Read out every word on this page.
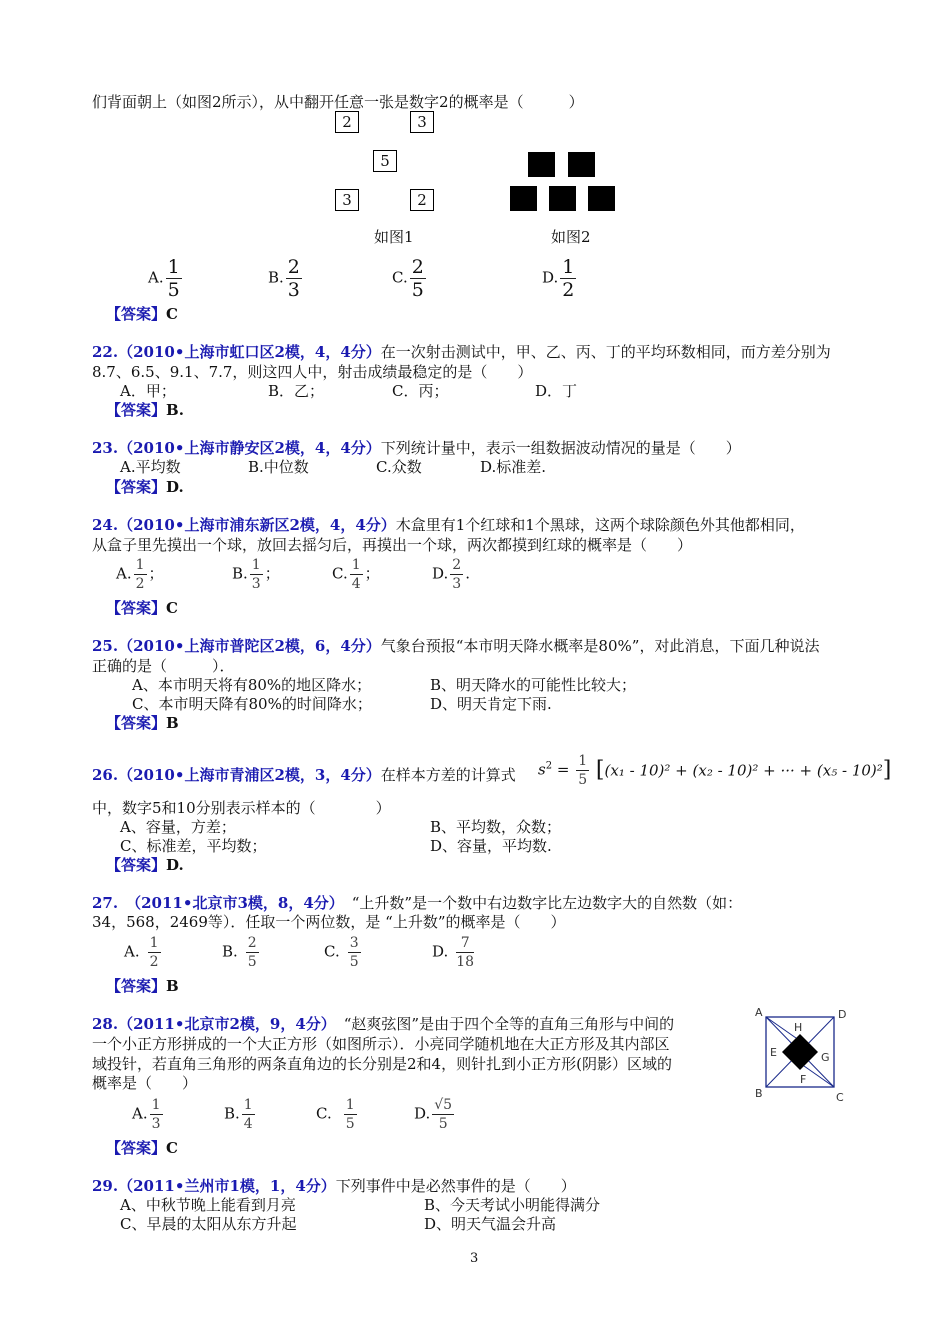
们背面朝上（如图2所示），从中翻开任意一张是数字2的概率是（　　　）
2	3
5
3	2
如图1	如图2
A. $\frac{1}{5}$	B. $\frac{2}{3}$	C. $\frac{2}{5}$	D. $\frac{1}{2}$
【答案】C
22.（2010•上海市虹口区2模，4，4分）在一次射击测试中，甲、乙、丙、丁的平均环数相同，而方差分别为
8.7、6.5、9.1、7.7，则这四人中，射击成绩最稳定的是（　　）
A．甲；	B．乙；	C．丙；	D．丁
【答案】B.
23.（2010•上海市静安区2模，4，4分）下列统计量中，表示一组数据波动情况的量是（　　）
A.平均数	B.中位数	C.众数	D.标准差.
【答案】D.
24.（2010•上海市浦东新区2模，4，4分）木盒里有1个红球和1个黑球，这两个球除颜色外其他都相同，
从盒子里先摸出一个球，放回去摇匀后，再摸出一个球，两次都摸到红球的概率是（　　）
A. $\frac{1}{2}$ ；	B. $\frac{1}{3}$ ；	C. $\frac{1}{4}$ ；	D. $\frac{2}{3}$ .
【答案】C
25.（2010•上海市普陀区2模，6，4分）气象台预报“本市明天降水概率是80%”，对此消息，下面几种说法
正确的是（　　　）．
A、本市明天将有80%的地区降水；	B、明天降水的可能性比较大；
C、本市明天降有80%的时间降水；	D、明天肯定下雨.
【答案】B
26.（2010•上海市青浦区2模，3，4分）在样本方差的计算式 $s^2 = \frac{1}{5} [(x_1 - 10)^2 + (x_2 - 10)^2$ + ··· + (x₅ - 10)²]
中，数字5和10分别表示样本的（　　　　）
A、容量，方差；	B、平均数，众数；
C、标准差，平均数；	D、容量，平均数.
【答案】D.
27. （2011•北京市3模，8，4分） “上升数”是一个数中右边数字比左边数字大的自然数（如：
34，568，2469等）．任取一个两位数，是 “上升数”的概率是（　　）
A. $\frac{1}{2}$	B. $\frac{2}{5}$	C. $\frac{3}{5}$	D. $\frac{7}{18}$
【答案】B
28.（2011•北京市2模，9，4分） “赵爽弦图”是由于四个全等的直角三角形与中间的
一个小正方形拼成的一个大正方形（如图所示）．小亮同学随机地在大正方形及其内部区
域投针，若直角三角形的两条直角边的长分别是2和4，则针扎到小正方形(阴影）区域的
概率是（　　）
A. $\frac{1}{3}$	B. $\frac{1}{4}$	C. $\frac{1}{5}$	D. $\frac{√5}{5}$
【答案】C
A	D
B	C
H
E	G
F
29.（2011•兰州市1模，1，4分）下列事件中是必然事件的是（　　）
A、中秋节晚上能看到月亮	B、今天考试小明能得满分
C、早晨的太阳从东方升起	D、明天气温会升高
3
